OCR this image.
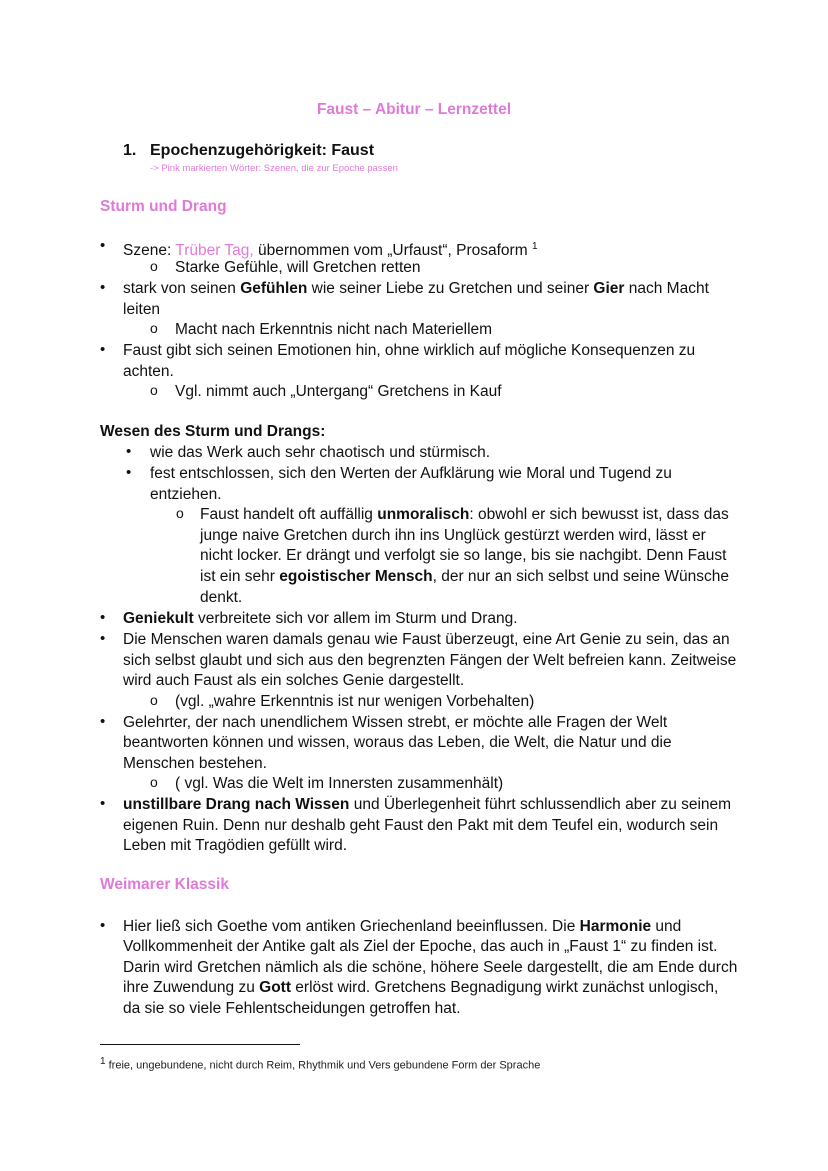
Faust – Abitur – Lernzettel
1. Epochenzugehörigkeit: Faust
-> Pink markierten Wörter: Szenen, die zur Epoche passen
Sturm und Drang
• Szene: Trüber Tag, übernommen vom „Urfaust“, Prosaform $^1$
o Starke Gefühle, will Gretchen retten
• stark von seinen Gefühlen wie seiner Liebe zu Gretchen und seiner Gier nach Macht
leiten
o Macht nach Erkenntnis nicht nach Materiellem
• Faust gibt sich seinen Emotionen hin, ohne wirklich auf mögliche Konsequenzen zu
achten.
o Vgl. nimmt auch „Untergang“ Gretchens in Kauf
Wesen des Sturm und Drangs:
• wie das Werk auch sehr chaotisch und stürmisch.
• fest entschlossen, sich den Werten der Aufklärung wie Moral und Tugend zu
entziehen.
o Faust handelt oft auffällig unmoralisch: obwohl er sich bewusst ist, dass das
junge naive Gretchen durch ihn ins Unglück gestürzt werden wird, lässt er
nicht locker. Er drängt und verfolgt sie so lange, bis sie nachgibt. Denn Faust
ist ein sehr egoistischer Mensch, der nur an sich selbst und seine Wünsche
denkt.
• Geniekult verbreitete sich vor allem im Sturm und Drang.
• Die Menschen waren damals genau wie Faust überzeugt, eine Art Genie zu sein, das an
sich selbst glaubt und sich aus den begrenzten Fängen der Welt befreien kann. Zeitweise
wird auch Faust als ein solches Genie dargestellt.
o (vgl. „wahre Erkenntnis ist nur wenigen Vorbehalten)
• Gelehrter, der nach unendlichem Wissen strebt, er möchte alle Fragen der Welt
beantworten können und wissen, woraus das Leben, die Welt, die Natur und die
Menschen bestehen.
o ( vgl. Was die Welt im Innersten zusammenhält)
• unstillbare Drang nach Wissen und Überlegenheit führt schlussendlich aber zu seinem
eigenen Ruin. Denn nur deshalb geht Faust den Pakt mit dem Teufel ein, wodurch sein
Leben mit Tragödien gefüllt wird.
Weimarer Klassik
• Hier ließ sich Goethe vom antiken Griechenland beeinflussen. Die Harmonie und
Vollkommenheit der Antike galt als Ziel der Epoche, das auch in „Faust 1“ zu finden ist.
Darin wird Gretchen nämlich als die schöne, höhere Seele dargestellt, die am Ende durch
ihre Zuwendung zu Gott erlöst wird. Gretchens Begnadigung wirkt zunächst unlogisch,
da sie so viele Fehlentscheidungen getroffen hat.
$^1$ freie, ungebundene, nicht durch Reim, Rhythmik und Vers gebundene Form der Sprache
